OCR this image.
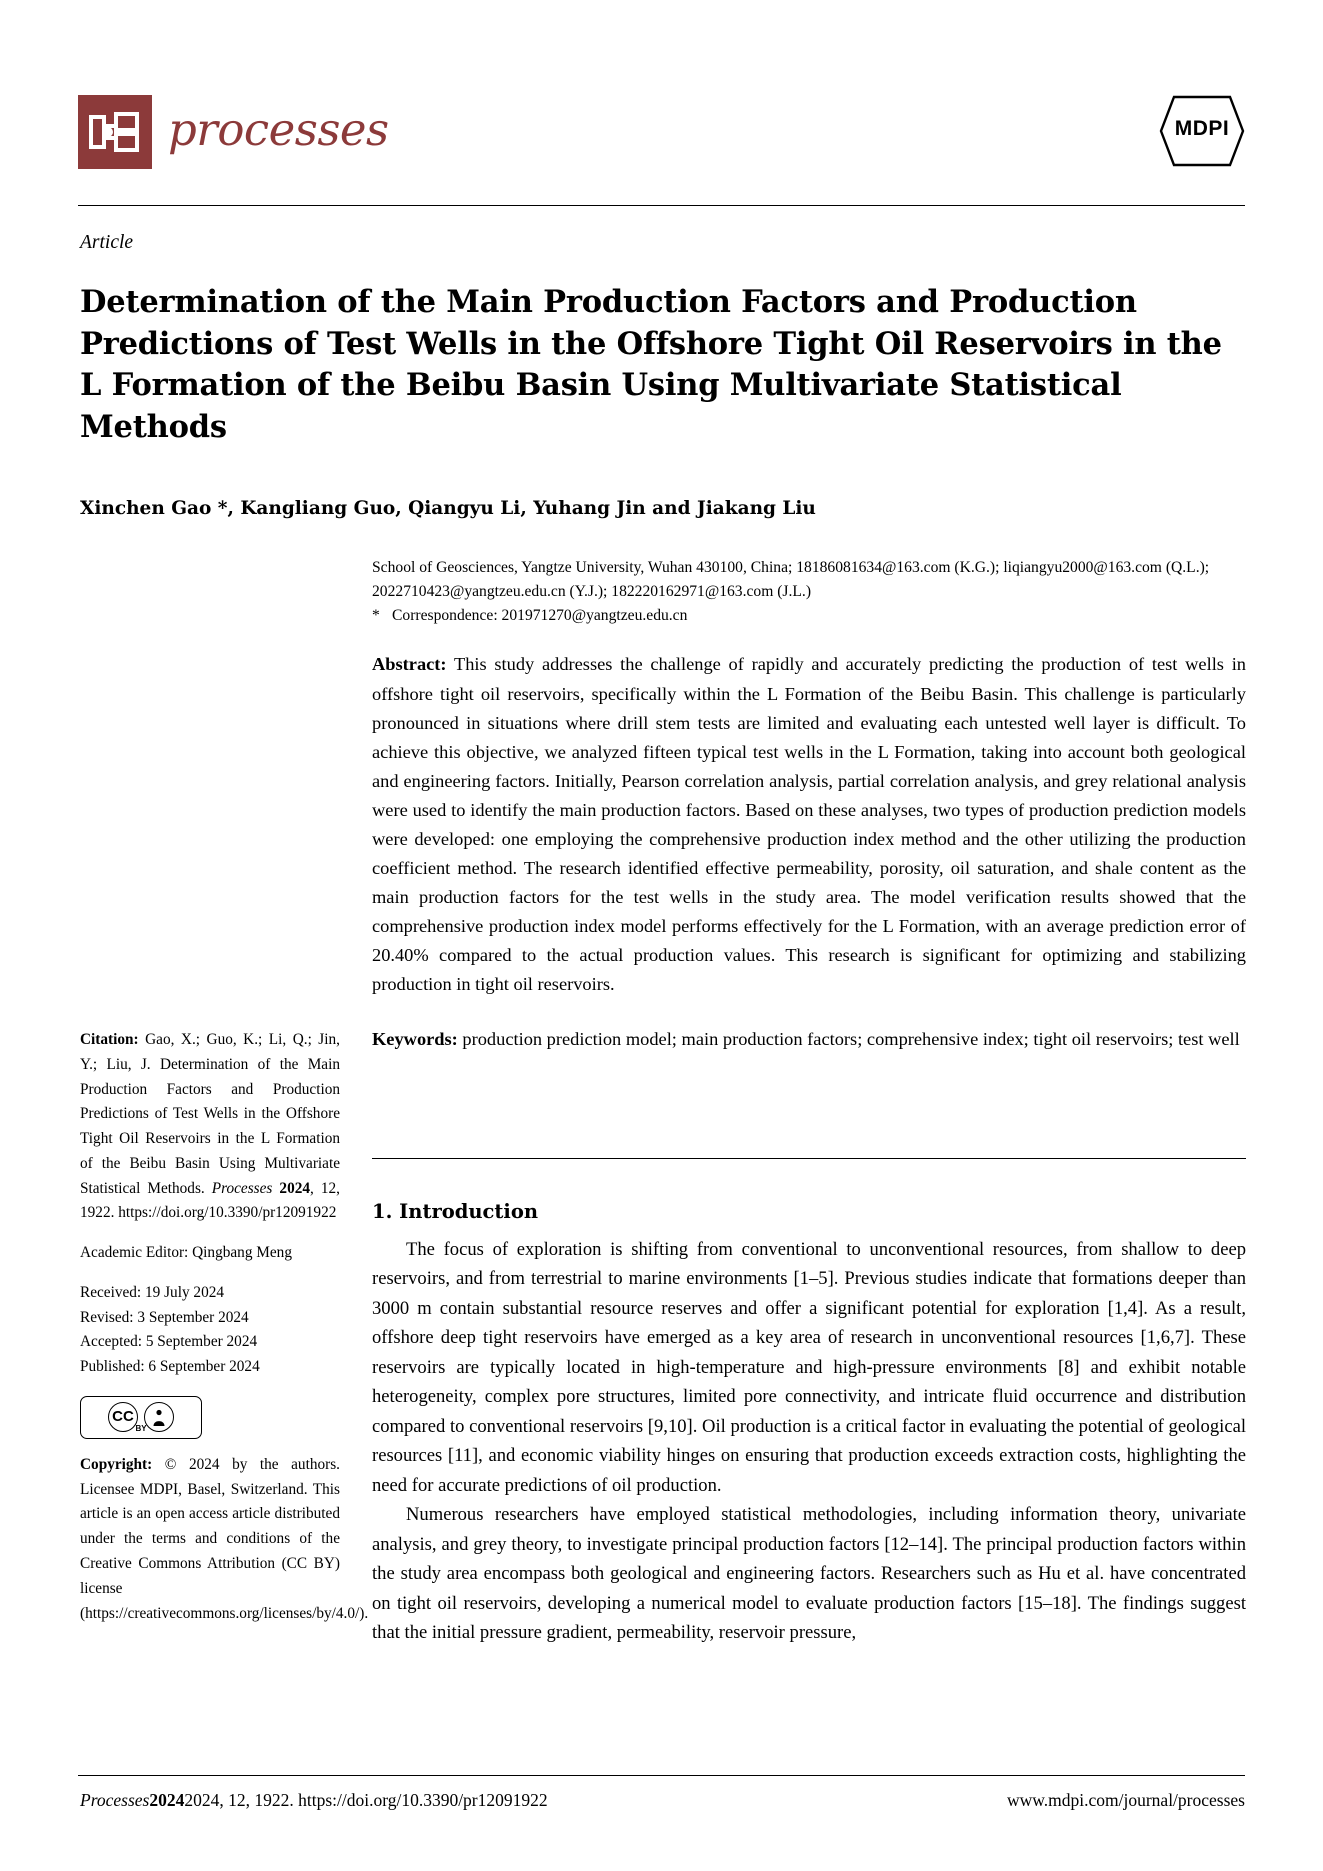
processes	MDPI
Article
Determination of the Main Production Factors and Production Predictions of Test Wells in the Offshore Tight Oil Reservoirs in the L Formation of the Beibu Basin Using Multivariate Statistical Methods
Xinchen Gao *, Kangliang Guo, Qiangyu Li, Yuhang Jin and Jiakang Liu
Citation: Gao, X.; Guo, K.; Li, Q.; Jin, Y.; Liu, J. Determination of the Main Production Factors and Production Predictions of Test Wells in the Offshore Tight Oil Reservoirs in the L Formation of the Beibu Basin Using Multivariate Statistical Methods. Processes 2024, 12, 1922. https://doi.org/10.3390/pr12091922
Academic Editor: Qingbang Meng
Received: 19 July 2024
Revised: 3 September 2024
Accepted: 5 September 2024
Published: 6 September 2024
CC
BY
Copyright: © 2024 by the authors. Licensee MDPI, Basel, Switzerland. This article is an open access article distributed under the terms and conditions of the Creative Commons Attribution (CC BY) license (https://creativecommons.org/licenses/by/4.0/).
School of Geosciences, Yangtze University, Wuhan 430100, China; 18186081634@163.com (K.G.); liqiangyu2000@163.com (Q.L.); 2022710423@yangtzeu.edu.cn (Y.J.); 182220162971@163.com (J.L.)
* Correspondence: 201971270@yangtzeu.edu.cn
Abstract: This study addresses the challenge of rapidly and accurately predicting the production of test wells in offshore tight oil reservoirs, specifically within the L Formation of the Beibu Basin. This challenge is particularly pronounced in situations where drill stem tests are limited and evaluating each untested well layer is difficult. To achieve this objective, we analyzed fifteen typical test wells in the L Formation, taking into account both geological and engineering factors. Initially, Pearson correlation analysis, partial correlation analysis, and grey relational analysis were used to identify the main production factors. Based on these analyses, two types of production prediction models were developed: one employing the comprehensive production index method and the other utilizing the production coefficient method. The research identified effective permeability, porosity, oil saturation, and shale content as the main production factors for the test wells in the study area. The model verification results showed that the comprehensive production index model performs effectively for the L Formation, with an average prediction error of 20.40% compared to the actual production values. This research is significant for optimizing and stabilizing production in tight oil reservoirs.
Keywords: production prediction model; main production factors; comprehensive index; tight oil reservoirs; test well
1. Introduction

The focus of exploration is shifting from conventional to unconventional resources, from shallow to deep reservoirs, and from terrestrial to marine environments [1–5]. Previous studies indicate that formations deeper than 3000 m contain substantial resource reserves and offer a significant potential for exploration [1,4]. As a result, offshore deep tight reservoirs have emerged as a key area of research in unconventional resources [1,6,7]. These reservoirs are typically located in high-temperature and high-pressure environments [8] and exhibit notable heterogeneity, complex pore structures, limited pore connectivity, and intricate fluid occurrence and distribution compared to conventional reservoirs [9,10]. Oil production is a critical factor in evaluating the potential of geological resources [11], and economic viability hinges on ensuring that production exceeds extraction costs, highlighting the need for accurate predictions of oil production.

Numerous researchers have employed statistical methodologies, including information theory, univariate analysis, and grey theory, to investigate principal production factors [12–14]. The principal production factors within the study area encompass both geological and engineering factors. Researchers such as Hu et al. have concentrated on tight oil reservoirs, developing a numerical model to evaluate production factors [15–18]. The findings suggest that the initial pressure gradient, permeability, reservoir pressure,

Processes20242024, 12, 1922. https://doi.org/10.3390/pr12091922	www.mdpi.com/journal/processes
